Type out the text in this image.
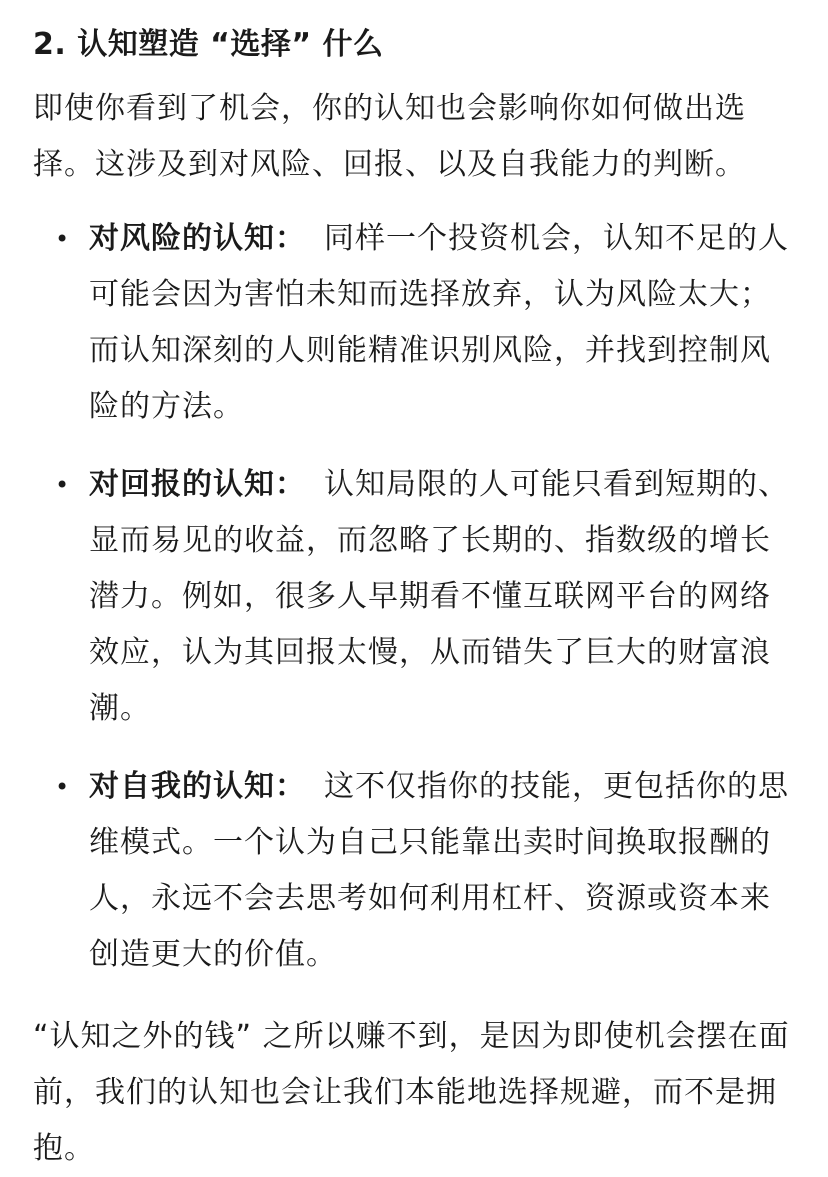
2. 认知塑造 “选择” 什么

即使你看到了机会，你的认知也会影响你如何做出选择。这涉及到对风险、回报、以及自我能力的判断。

• 对风险的认知： 同样一个投资机会，认知不足的人可能会因为害怕未知而选择放弃，认为风险太大；而认知深刻的人则能精准识别风险，并找到控制风险的方法。
• 对回报的认知： 认知局限的人可能只看到短期的、显而易见的收益，而忽略了长期的、指数级的增长潜力。例如，很多人早期看不懂互联网平台的网络效应，认为其回报太慢，从而错失了巨大的财富浪潮。
• 对自我的认知： 这不仅指你的技能，更包括你的思维模式。一个认为自己只能靠出卖时间换取报酬的人，永远不会去思考如何利用杠杆、资源或资本来创造更大的价值。

“认知之外的钱” 之所以赚不到，是因为即使机会摆在面前，我们的认知也会让我们本能地选择规避，而不是拥抱。
